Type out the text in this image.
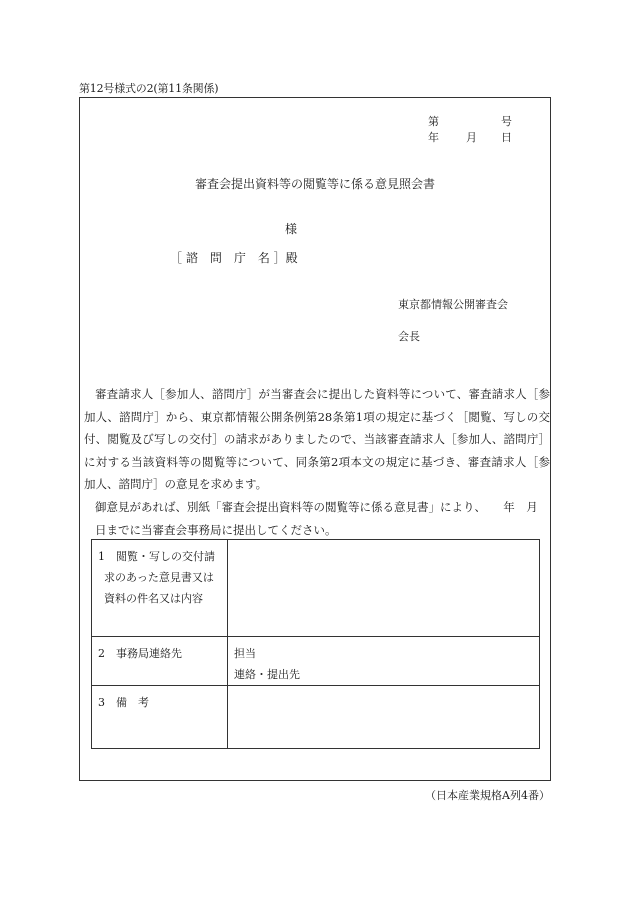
第12号様式の2(第11条関係)
第	号
年 月 日
審査会提出資料等の閲覧等に係る意見照会書
様
［ 諮　問　庁　名 ］殿
東京都情報公開審査会
会長

審査請求人［参加人、諮問庁］が当審査会に提出した資料等について、審査請求人［参加人、諮問庁］から、東京都情報公開条例第28条第1項の規定に基づく［閲覧、写しの交付、閲覧及び写しの交付］の請求がありましたので、当該審査請求人［参加人、諮問庁］に対する当該資料等の閲覧等について、同条第2項本文の規定に基づき、審査請求人［参加人、諮問庁］の意見を求めます。

御意見があれば、別紙「審査会提出資料等の閲覧等に係る意見書」により、　　年　月　　日までに当審査会事務局に提出してください。

1　閲覧・写しの交付請
求のあった意見書又は
資料の件名又は内容	

2　事務局連絡先	担当
連絡・提出先

3　備　考	

（日本産業規格A列4番）
